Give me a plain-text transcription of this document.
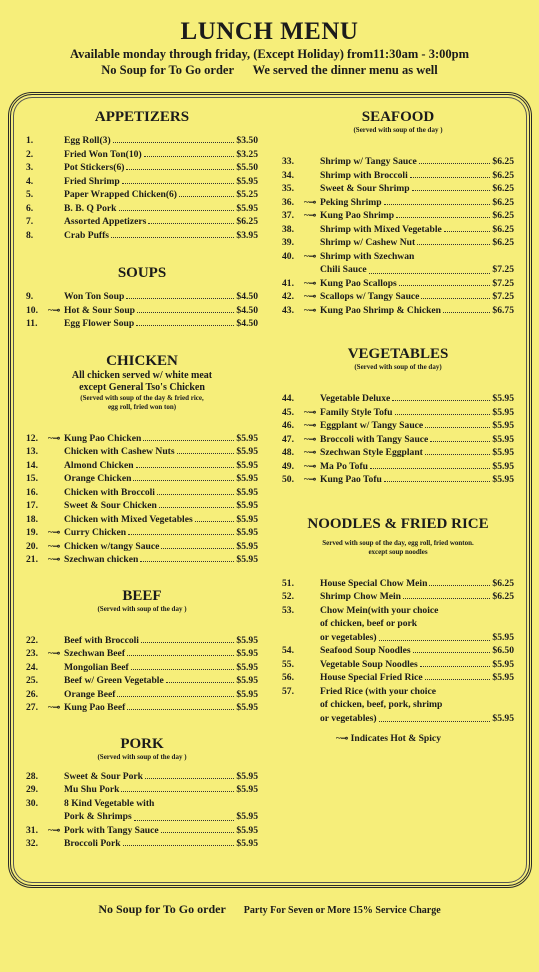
LUNCH MENU
Available monday through friday, (Except Holiday) from11:30am - 3:00pm
No Soup for To Go order We served the dinner menu as well
APPETIZERS
1.	Egg Roll(3)	$3.50
2.	Fried Won Ton(10)	$3.25
3.	Pot Stickers(6)	$5.50
4.	Fried Shrimp	$5.95
5.	Paper Wrapped Chicken(6)	$5.25
6.	B. B. Q Pork	$5.95
7.	Assorted Appetizers	$6.25
8.	Crab Puffs	$3.95
SOUPS
9.	Won Ton Soup	$4.50
10.	~⊸ Hot & Sour Soup	$4.50
11.	Egg Flower Soup	$4.50
CHICKEN
All chicken served w/ white meat
except General Tso's Chicken
(Served with soup of the day & fried rice,
egg roll, fried won ton)
12.	~⊸ Kung Pao Chicken	$5.95
13.	Chicken with Cashew Nuts	$5.95
14.	Almond Chicken	$5.95
15.	Orange Chicken	$5.95
16.	Chicken with Broccoli	$5.95
17.	Sweet & Sour Chicken	$5.95
18.	Chicken with Mixed Vegetables	$5.95
19.	~⊸ Curry Chicken	$5.95
20.	~⊸ Chicken w/tangy Sauce	$5.95
21.	~⊸ Szechwan chicken	$5.95
BEEF
(Served with soup of the day )
22.	Beef with Broccoli	$5.95
23.	~⊸ Szechwan Beef	$5.95
24.	Mongolian Beef	$5.95
25.	Beef w/ Green Vegetable	$5.95
26.	Orange Beef	$5.95
27.	~⊸ Kung Pao Beef	$5.95
PORK
(Served with soup of the day )
28.	Sweet & Sour Pork	$5.95
29.	Mu Shu Pork	$5.95
30.	8 Kind Vegetable with
Pork & Shrimps	$5.95
31.	~⊸ Pork with Tangy Sauce	$5.95
32.	Broccoli Pork	$5.95
SEAFOOD
(Served with soup of the day )
33.	Shrimp w/ Tangy Sauce	$6.25
34.	Shrimp with Broccoli	$6.25
35.	Sweet & Sour Shrimp	$6.25
36.	~⊸ Peking Shrimp	$6.25
37.	~⊸ Kung Pao Shrimp	$6.25
38.	Shrimp with Mixed Vegetable	$6.25
39.	Shrimp w/ Cashew Nut	$6.25
40.	~⊸ Shrimp with Szechwan
Chili Sauce	$7.25
41.	~⊸ Kung Pao Scallops	$7.25
42.	~⊸ Scallops w/ Tangy Sauce	$7.25
43.	~⊸ Kung Pao Shrimp & Chicken	$6.75
VEGETABLES
(Served with soup of the day)
44.	Vegetable Deluxe	$5.95
45.	~⊸ Family Style Tofu	$5.95
46.	~⊸ Eggplant w/ Tangy Sauce	$5.95
47.	~⊸ Broccoli with Tangy Sauce	$5.95
48.	~⊸ Szechwan Style Eggplant	$5.95
49.	~⊸ Ma Po Tofu	$5.95
50.	~⊸ Kung Pao Tofu	$5.95
NOODLES & FRIED RICE
Served with soup of the day, egg roll, fried wonton.
except soup noodles
51.	House Special Chow Mein	$6.25
52.	Shrimp Chow Mein	$6.25
53.	Chow Mein(with your choice
of chicken, beef or pork
or vegetables)	$5.95
54.	Seafood Soup Noodles	$6.50
55.	Vegetable Soup Noodles	$5.95
56.	House Special Fried Rice	$5.95
57.	Fried Rice (with your choice
of chicken, beef, pork, shrimp
or vegetables)	$5.95
~⊸ Indicates Hot & Spicy
No Soup for To Go order Party For Seven or More 15% Service Charge
